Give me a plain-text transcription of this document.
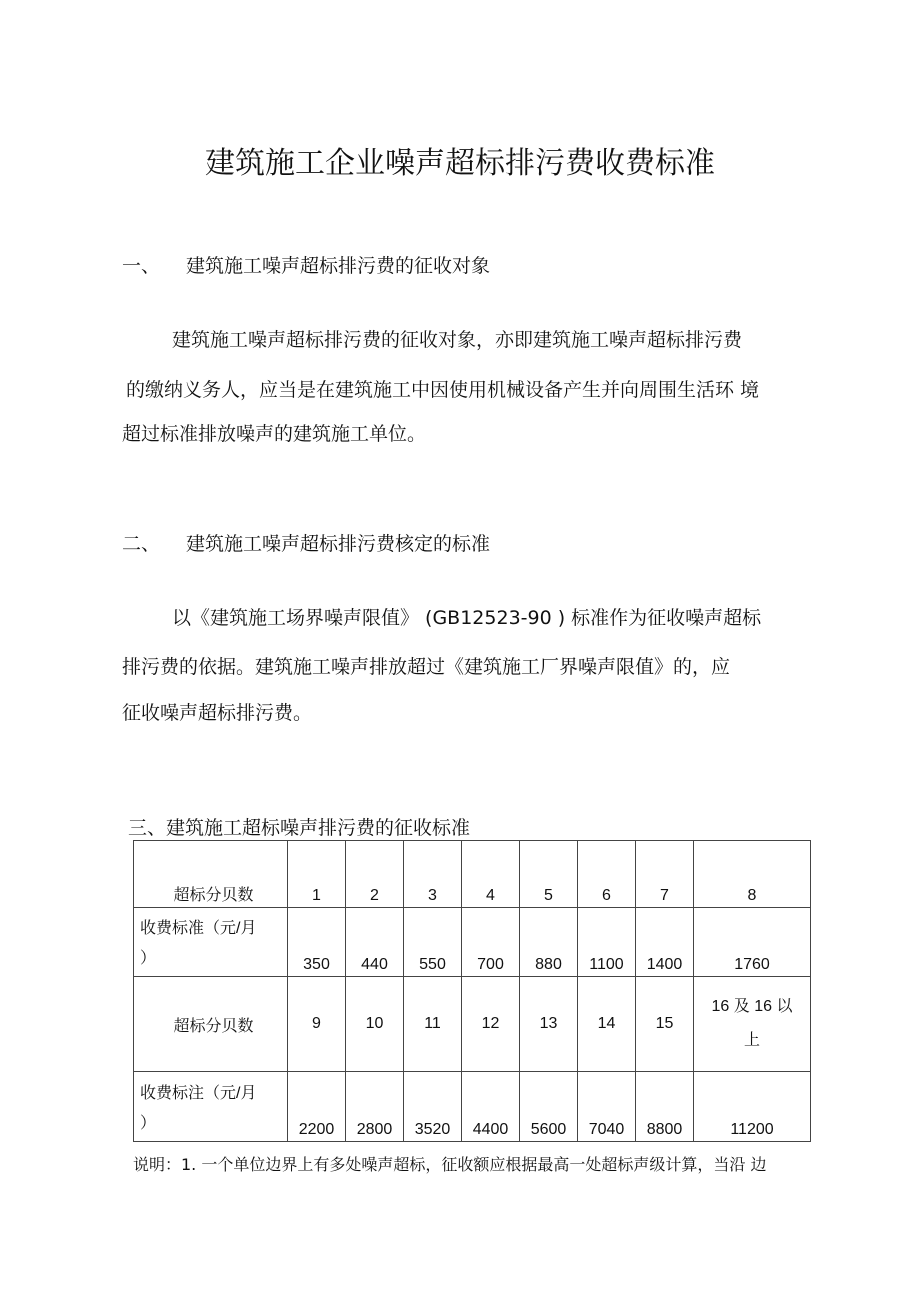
建筑施工企业噪声超标排污费收费标准
一、 建筑施工噪声超标排污费的征收对象
建筑施工噪声超标排污费的征收对象，亦即建筑施工噪声超标排污费
的缴纳义务人，应当是在建筑施工中因使用机械设备产生并向周围生活环 境
超过标准排放噪声的建筑施工单位。
二、 建筑施工噪声超标排污费核定的标准
以《建筑施工场界噪声限值》 (GB12523-90 ) 标准作为征收噪声超标
排污费的依据。建筑施工噪声排放超过《建筑施工厂界噪声限值》的，应
征收噪声超标排污费。
三、建筑施工超标噪声排污费的征收标准
超标分贝数	1	2	3	4	5	6	7	8

收费标准（元/月
）	350	440	550	700	880	1100	1400	1760

超标分贝数	9	10	11	12	13	14	15	16 及 16 以
上

收费标注（元/月
）	2200	2800	3520	4400	5600	7040	8800	11200
说明：1. 一个单位边界上有多处噪声超标，征收额应根据最高一处超标声级计算，当沿 边
